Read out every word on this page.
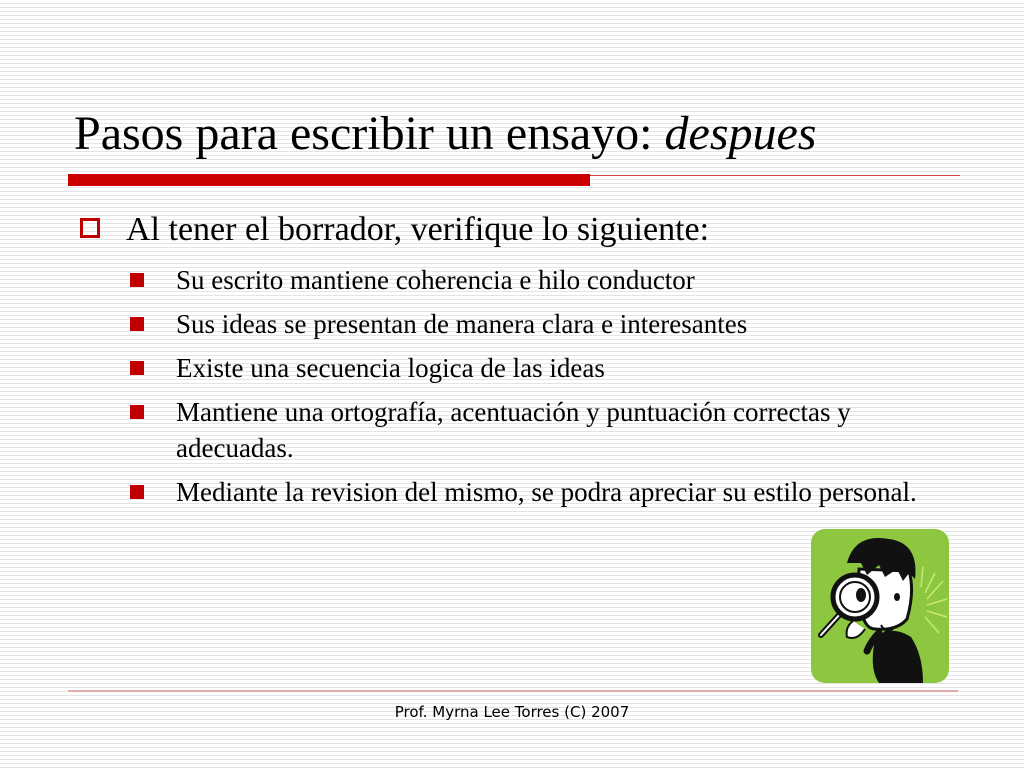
Pasos para escribir un ensayo: despues
Al tener el borrador, verifique lo siguiente:
Su escrito mantiene coherencia e hilo conductor
Sus ideas se presentan de manera clara e interesantes
Existe una secuencia logica de las ideas
Mantiene una ortografía, acentuación y puntuación correctas y adecuadas.
Mediante la revision del mismo, se podra apreciar su estilo personal.
Prof. Myrna Lee Torres (C) 2007
